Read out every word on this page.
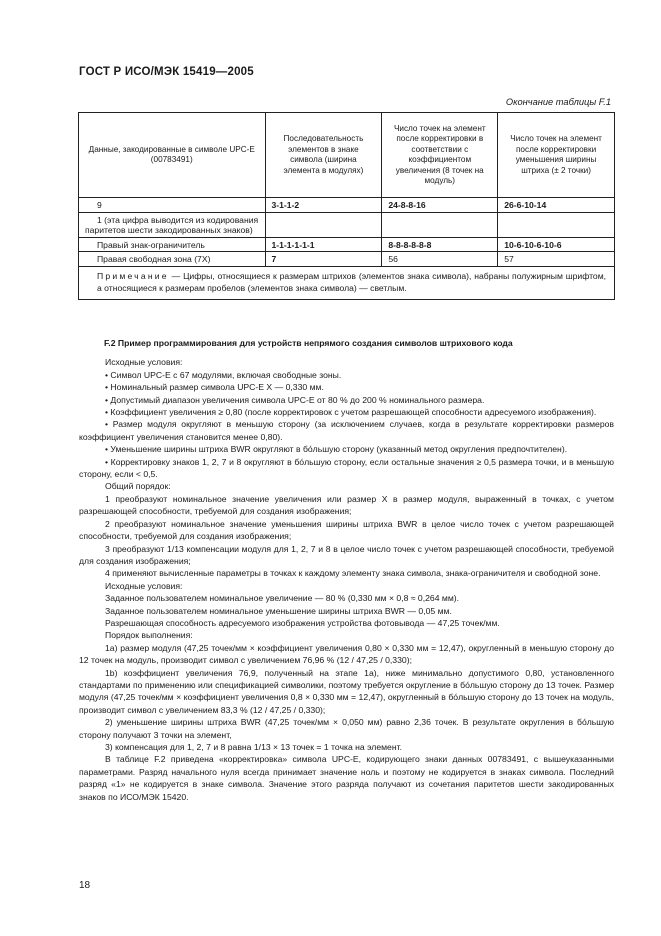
ГОСТ Р ИСО/МЭК 15419—2005
Окончание таблицы F.1
Данные, закодированные в символе UPC-E (00783491)	Последовательность элементов в знаке символа (ширина элемента в модулях)	Число точек на элемент после корректировки в соответствии с коэффициентом увеличения (8 точек на модуль)	Число точек на элемент после корректировки уменьшения ширины штриха (± 2 точки)
9	3-1-1-2	24-8-8-16	26-6-10-14
1 (эта цифра выводится из кодирования паритетов шести закодированных знаков)			
Правый знак-ограничитель	1-1-1-1-1-1	8-8-8-8-8-8	10-6-10-6-10-6
Правая свободная зона (7X)	7	56	57
Примечание — Цифры, относящиеся к размерам штрихов (элементов знака символа), набраны полужирным шрифтом, а относящиеся к размерам пробелов (элементов знака символа) — светлым.			

F.2 Пример программирования для устройств непрямого создания символов штрихового кода

Исходные условия:

• Символ UPC-E с 67 модулями, включая свободные зоны.

• Номинальный размер символа UPC-E X — 0,330 мм.

• Допустимый диапазон увеличения символа UPC-E от 80 % до 200 % номинального размера.

• Коэффициент увеличения ≥ 0,80 (после корректировок с учетом разрешающей способности адресуемого изображения).

• Размер модуля округляют в меньшую сторону (за исключением случаев, когда в результате корректировки размеров коэффициент увеличения становится менее 0,80).

• Уменьшение ширины штриха BWR округляют в бо́льшую сторону (указанный метод округления предпочтителен).

• Корректировку знаков 1, 2, 7 и 8 округляют в бо́льшую сторону, если остальные значения ≥ 0,5 размера точки, и в меньшую сторону, если < 0,5.

Общий порядок:

1 преобразуют номинальное значение увеличения или размер X в размер модуля, выраженный в точках, с учетом разрешающей способности, требуемой для создания изображения;

2 преобразуют номинальное значение уменьшения ширины штриха BWR в целое число точек с учетом разрешающей способности, требуемой для создания изображения;

3 преобразуют 1/13 компенсации модуля для 1, 2, 7 и 8 в целое число точек с учетом разрешающей способности, требуемой для создания изображения;

4 применяют вычисленные параметры в точках к каждому элементу знака символа, знака-ограничителя и свободной зоне.

Исходные условия:

Заданное пользователем номинальное увеличение — 80 % (0,330 мм × 0,8 ≈ 0,264 мм).

Заданное пользователем номинальное уменьшение ширины штриха BWR — 0,05 мм.

Разрешающая способность адресуемого изображения устройства фотовывода — 47,25 точек/мм.

Порядок выполнения:

1а) размер модуля (47,25 точек/мм × коэффициент увеличения 0,80 × 0,330 мм = 12,47), округленный в меньшую сторону до 12 точек на модуль, производит символ с увеличением 76,96 % (12 / 47,25 / 0,330);

1b) коэффициент увеличения 76,9, полученный на этапе 1а), ниже минимально допустимого 0,80, установленного стандартами по применению или спецификацией символики, поэтому требуется округление в бо́льшую сторону до 13 точек. Размер модуля (47,25 точек/мм × коэффициент увеличения 0,8 × 0,330 мм = 12,47), округленный в бо́льшую сторону до 13 точек на модуль, производит символ с увеличением 83,3 % (12 / 47,25 / 0,330);

2) уменьшение ширины штриха BWR (47,25 точек/мм × 0,050 мм) равно 2,36 точек. В результате округления в бо́льшую сторону получают 3 точки на элемент,

3) компенсация для 1, 2, 7 и 8 равна 1/13 × 13 точек = 1 точка на элемент.

В таблице F.2 приведена «корректировка» символа UPC-E, кодирующего знаки данных 00783491, с вышеуказанными параметрами. Разряд начального нуля всегда принимает значение ноль и поэтому не кодируется в знаках символа. Последний разряд «1» не кодируется в знаке символа. Значение этого разряда получают из сочетания паритетов шести закодированных знаков по ИСО/МЭК 15420.

18
